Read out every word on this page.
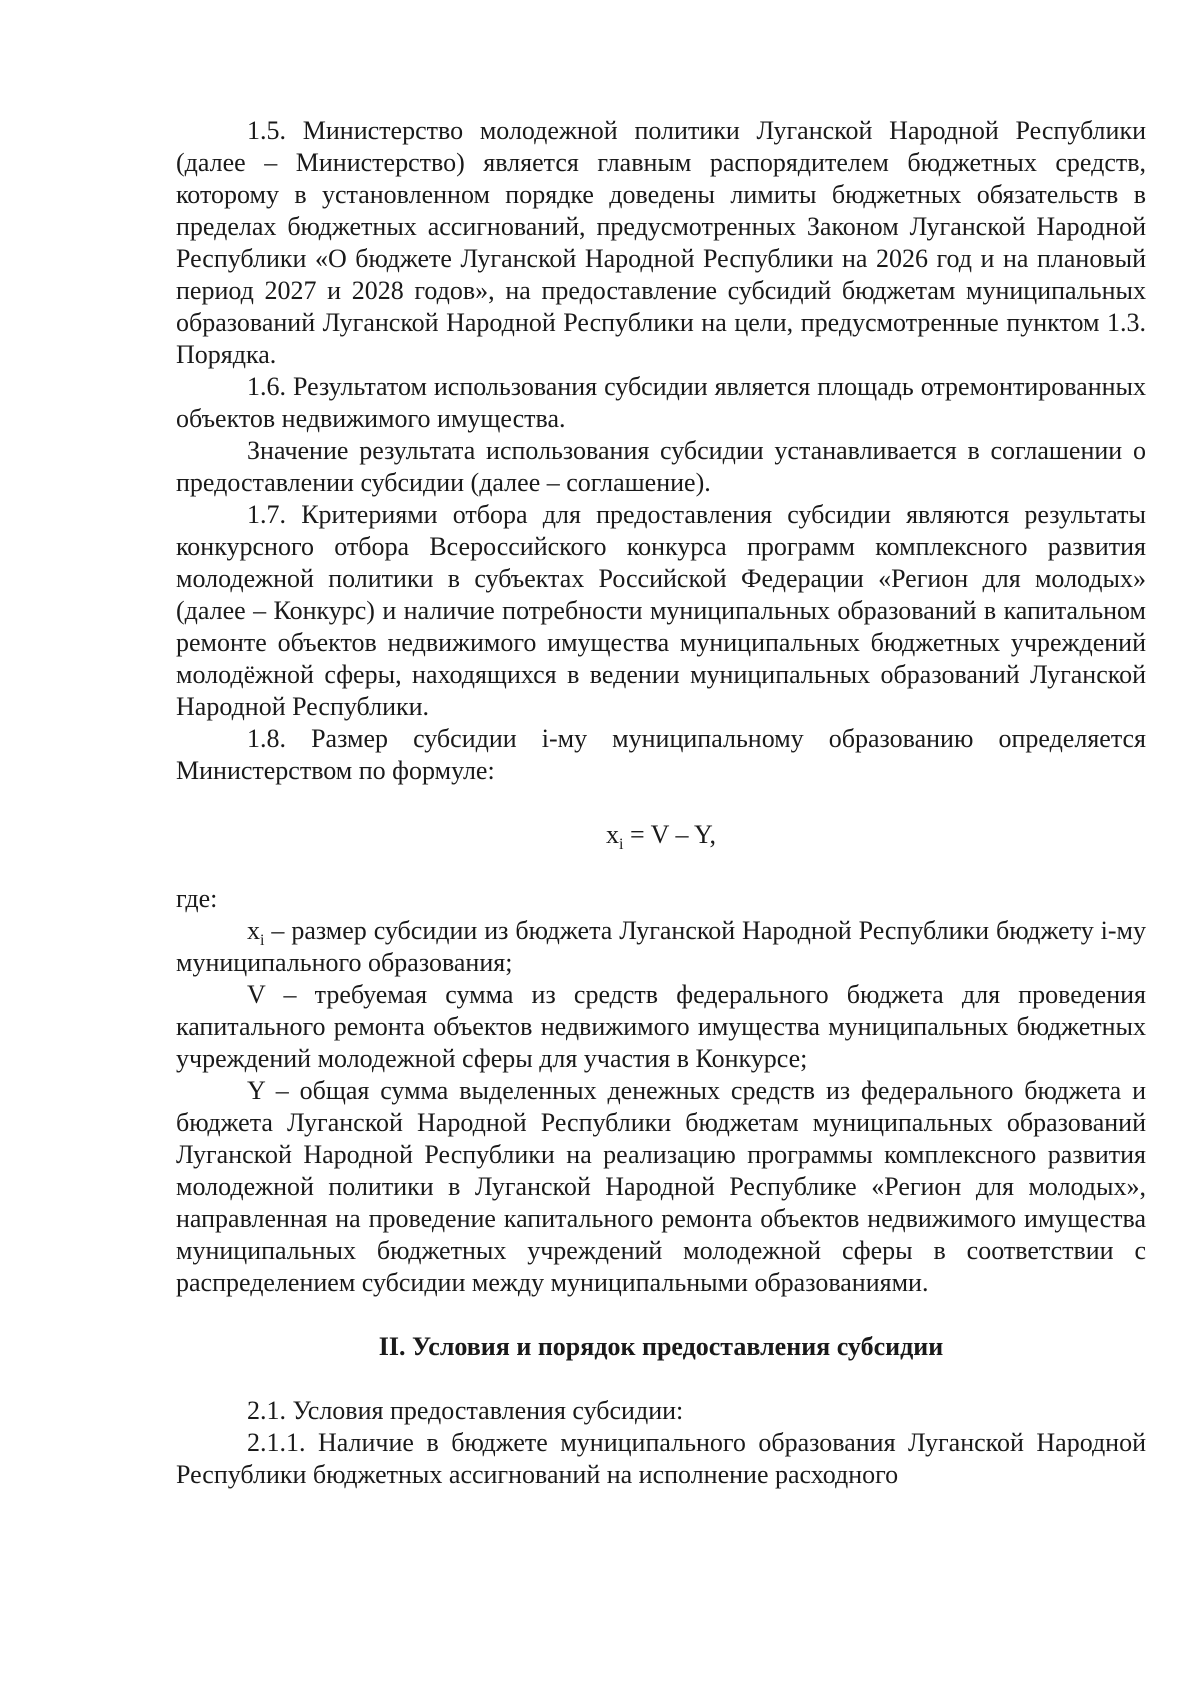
1.5. Министерство молодежной политики Луганской Народной Республики (далее – Министерство) является главным распорядителем бюджетных средств, которому в установленном порядке доведены лимиты бюджетных обязательств в пределах бюджетных ассигнований, предусмотренных Законом Луганской Народной Республики «О бюджете Луганской Народной Республики на 2026 год и на плановый период 2027 и 2028 годов», на предоставление субсидий бюджетам муниципальных образований Луганской Народной Республики на цели, предусмотренные пунктом 1.3. Порядка.

1.6. Результатом использования субсидии является площадь отремонтированных объектов недвижимого имущества.

Значение результата использования субсидии устанавливается в соглашении о предоставлении субсидии (далее – соглашение).

1.7. Критериями отбора для предоставления субсидии являются результаты конкурсного отбора Всероссийского конкурса программ комплексного развития молодежной политики в субъектах Российской Федерации «Регион для молодых» (далее – Конкурс) и наличие потребности муниципальных образований в капитальном ремонте объектов недвижимого имущества муниципальных бюджетных учреждений молодёжной сферы, находящихся в ведении муниципальных образований Луганской Народной Республики.

1.8. Размер субсидии i-му муниципальному образованию определяется Министерством по формуле:

$x_i = V - Y$,

где:

$x_i$ – размер субсидии из бюджета Луганской Народной Республики бюджету i-му муниципального образования;

V – требуемая сумма из средств федерального бюджета для проведения капитального ремонта объектов недвижимого имущества муниципальных бюджетных учреждений молодежной сферы для участия в Конкурсе;

Y – общая сумма выделенных денежных средств из федерального бюджета и бюджета Луганской Народной Республики бюджетам муниципальных образований Луганской Народной Республики на реализацию программы комплексного развития молодежной политики в Луганской Народной Республике «Регион для молодых», направленная на проведение капитального ремонта объектов недвижимого имущества муниципальных бюджетных учреждений молодежной сферы в соответствии с распределением субсидии между муниципальными образованиями.

II. Условия и порядок предоставления субсидии

2.1. Условия предоставления субсидии:

2.1.1. Наличие в бюджете муниципального образования Луганской Народной Республики бюджетных ассигнований на исполнение расходного
